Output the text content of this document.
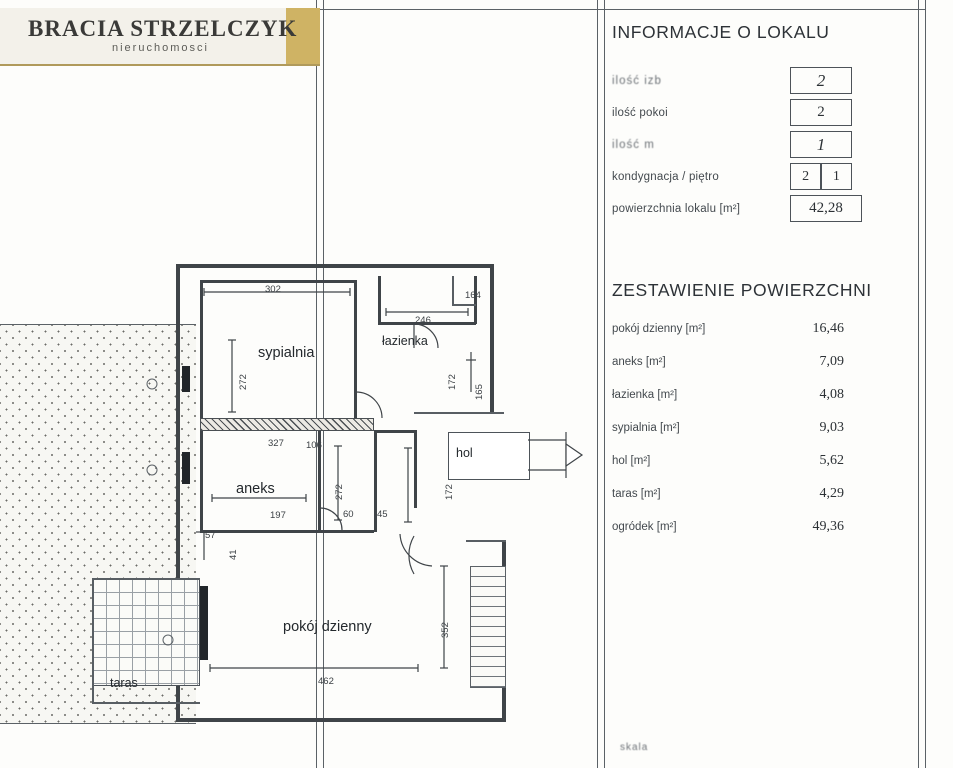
sypialnia
łazienka
aneks
hol
pokój dzienny
taras
302
272
246
165
172
164
197
272
327
172
60 45
462
352
106
57
41
INFORMACJE O LOKALU
ilość izb	2
ilość pokoi	2
ilość m	1
kondygnacja / piętro	2	1
powierzchnia lokalu [m²]	42,28
ZESTAWIENIE POWIERZCHNI
pokój dzienny [m²]	16,46
aneks [m²]	7,09
łazienka [m²]	4,08
sypialnia [m²]	9,03
hol [m²]	5,62
taras [m²]	4,29
ogródek [m²]	49,36
skala
BRACIA STRZELCZYK
nieruchomosci
